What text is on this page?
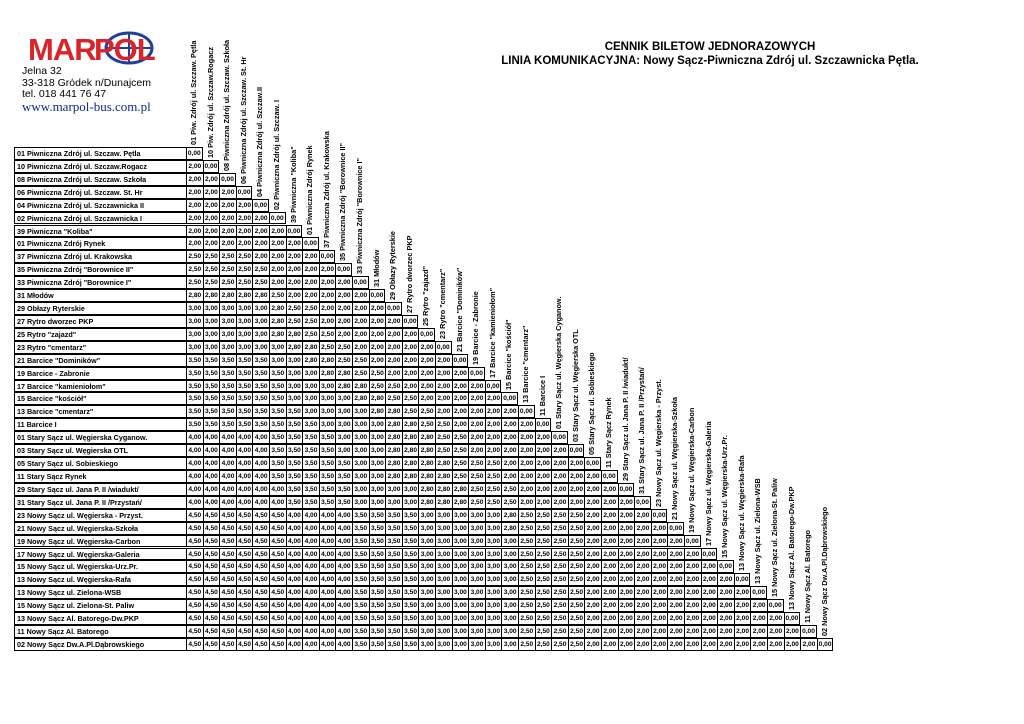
MAR
POL
Jelna 32
33-318 Gródek n/Dunajcem
tel. 018 441 76 47
www.marpol-bus.com.pl
CENNIK BILETOW JEDNORAZOWYCH
LINIA KOMUNIKACYJNA: Nowy Sącz-Piwniczna Zdrój ul. Szczawnicka Pętla.
01 Piwniczna Zdrój ul. Szczaw. Pętla	0,00
01 Piw. Zdrój ul. Szczaw. Pętla
10 Piwniczna Zdrój ul. Szczaw.Rogacz	2,00 0,00
10 Piw. Zdrój ul. Szczaw.Rogacz
08 Piwniczna Zdrój ul. Szczaw. Szkoła	2,00 2,00 0,00
08 Piwniczna Zdrój ul. Szczaw. Szkoła
06 Piwniczna Zdrój ul. Szczaw. St. Hr	2,00 2,00 2,00 0,00
06 Piwniczna Zdrój ul. Szczaw. St. Hr
04 Piwniczna Zdrój ul. Szczawnicka II	2,00 2,00 2,00 2,00 0,00
04 Piwniczna Zdrój ul. Szczaw.II
02 Piwniczna Zdrój ul. Szczawnicka I	2,00 2,00 2,00 2,00 2,00 0,00
02 Piwniczna Zdrój ul. Szczaw. I
39 Piwniczna "Koliba"	2,00 2,00 2,00 2,00 2,00 2,00 0,00
39 Piwniczna "Koliba"
01 Piwniczna Zdrój Rynek	2,00 2,00 2,00 2,00 2,00 2,00 2,00 0,00
01 Piwniczna Zdrój Rynek
37 Piwniczna Zdrój ul. Krakowska	2,50 2,50 2,50 2,50 2,00 2,00 2,00 2,00 0,00
37 Piwniczna Zdrój ul. Krakowska
35 Piwniczna Zdrój "Borownice II"	2,50 2,50 2,50 2,50 2,50 2,00 2,00 2,00 2,00 0,00
35 Piwniczna Zdrój "Borownice II"
33 Piwniczna Zdrój "Borownice I"	2,50 2,50 2,50 2,50 2,50 2,00 2,00 2,00 2,00 2,00 0,00
33 Piwniczna Zdrój "Borownice I"
31 Młodów	2,80 2,80 2,80 2,80 2,80 2,50 2,00 2,00 2,00 2,00 2,00 0,00
31 Młodów
29 Obłazy Ryterskie	3,00 3,00 3,00 3,00 3,00 2,80 2,50 2,50 2,00 2,00 2,00 2,00 0,00
29 Obłazy Ryterskie
27 Rytro dworzec PKP	3,00 3,00 3,00 3,00 3,00 2,80 2,50 2,50 2,00 2,00 2,00 2,00 2,00 0,00
27 Rytro dworzec PKP
25 Rytro "zajazd"	3,00 3,00 3,00 3,00 3,00 2,80 2,80 2,50 2,50 2,00 2,00 2,00 2,00 2,00 0,00
25 Rytro "zajazd"
23 Rytro "cmentarz"	3,00 3,00 3,00 3,00 3,00 3,00 2,80 2,80 2,50 2,50 2,00 2,00 2,00 2,00 2,00 0,00
23 Rytro "cmentarz"
21 Barcice "Dominików"	3,50 3,50 3,50 3,50 3,50 3,00 3,00 2,80 2,80 2,50 2,50 2,00 2,00 2,00 2,00 2,00 0,00
21 Barcice "Dominików"
19 Barcice - Zabronie	3,50 3,50 3,50 3,50 3,50 3,50 3,00 3,00 2,80 2,80 2,50 2,50 2,00 2,00 2,00 2,00 2,00 0,00
19 Barcice - Zabronie
17 Barcice "kamieniołom"	3,50 3,50 3,50 3,50 3,50 3,50 3,00 3,00 3,00 2,80 2,80 2,50 2,50 2,00 2,00 2,00 2,00 2,00 0,00
17 Barcice "kamieniołom"
15 Barcice "kościół"	3,50 3,50 3,50 3,50 3,50 3,50 3,00 3,00 3,00 3,00 2,80 2,80 2,50 2,50 2,00 2,00 2,00 2,00 2,00 0,00
15 Barcice "kościół"
13 Barcice "cmentarz"	3,50 3,50 3,50 3,50 3,50 3,50 3,50 3,00 3,00 3,00 3,00 2,80 2,80 2,50 2,50 2,00 2,00 2,00 2,00 2,00 0,00
13 Barcice "cmentarz"
11 Barcice I	3,50 3,50 3,50 3,50 3,50 3,50 3,50 3,50 3,00 3,00 3,00 3,00 2,80 2,80 2,50 2,50 2,00 2,00 2,00 2,00 2,00 0,00
11 Barcice I
01 Stary Sącz ul. Węgierska Cyganow.	4,00 4,00 4,00 4,00 4,00 3,50 3,50 3,50 3,50 3,00 3,00 3,00 2,80 2,80 2,80 2,50 2,50 2,00 2,00 2,00 2,00 2,00 0,00
01 Stary Sącz ul. Węgierska Cyganow.
03 Stary Sącz ul. Węgierska OTL	4,00 4,00 4,00 4,00 4,00 3,50 3,50 3,50 3,50 3,00 3,00 3,00 2,80 2,80 2,80 2,50 2,50 2,00 2,00 2,00 2,00 2,00 2,00 0,00
03 Stary Sącz ul. Węgierska OTL
05 Stary Sącz ul. Sobieskiego	4,00 4,00 4,00 4,00 4,00 3,50 3,50 3,50 3,50 3,50 3,00 3,00 2,80 2,80 2,80 2,80 2,50 2,50 2,50 2,00 2,00 2,00 2,00 2,00 0,00
05 Stary Sącz ul. Sobieskiego
11 Stary Sącz Rynek	4,00 4,00 4,00 4,00 4,00 3,50 3,50 3,50 3,50 3,50 3,00 3,00 2,80 2,80 2,80 2,80 2,50 2,50 2,50 2,00 2,00 2,00 2,00 2,00 2,00 0,00
11 Stary Sącz Rynek
29 Stary Sącz ul. Jana P. II /wiadukt/	4,00 4,00 4,00 4,00 4,00 4,00 3,50 3,50 3,50 3,50 3,00 3,00 3,00 3,00 2,80 2,80 2,80 2,50 2,50 2,50 2,00 2,00 2,00 2,00 2,00 2,00 0,00
29 Stary Sącz ul. Jana P. II /wiadukt/
31 Stary Sącz ul. Jana P. II /Przystań/	4,00 4,00 4,00 4,00 4,00 4,00 3,50 3,50 3,50 3,50 3,00 3,00 3,00 3,00 2,80 2,80 2,80 2,50 2,50 2,50 2,00 2,00 2,00 2,00 2,00 2,00 2,00 0,00
31 Stary Sącz ul. Jana P. II /Przystań/
23 Nowy Sącz ul. Węgierska - Przyst.	4,50 4,50 4,50 4,50 4,50 4,50 4,00 4,00 4,00 4,00 3,50 3,50 3,50 3,50 3,00 3,00 3,00 3,00 3,00 2,80 2,50 2,50 2,50 2,50 2,00 2,00 2,00 2,00 0,00
23 Nowy Sącz ul. Węgierska - Przyst.
21 Nowy Sącz ul. Węgierska-Szkoła	4,50 4,50 4,50 4,50 4,50 4,50 4,00 4,00 4,00 4,00 3,50 3,50 3,50 3,50 3,00 3,00 3,00 3,00 3,00 2,80 2,50 2,50 2,50 2,50 2,00 2,00 2,00 2,00 2,00 0,00
21 Nowy Sącz ul. Węgierska-Szkoła
19 Nowy Sącz ul. Węgierska-Carbon	4,50 4,50 4,50 4,50 4,50 4,50 4,00 4,00 4,00 4,00 3,50 3,50 3,50 3,50 3,00 3,00 3,00 3,00 3,00 3,00 2,50 2,50 2,50 2,50 2,00 2,00 2,00 2,00 2,00 2,00 0,00
19 Nowy Sącz ul. Węgierska-Carbon
17 Nowy Sącz ul. Węgierska-Galeria	4,50 4,50 4,50 4,50 4,50 4,50 4,00 4,00 4,00 4,00 3,50 3,50 3,50 3,50 3,00 3,00 3,00 3,00 3,00 3,00 2,50 2,50 2,50 2,50 2,00 2,00 2,00 2,00 2,00 2,00 2,00 0,00
17 Nowy Sącz ul. Węgierska-Galeria
15 Nowy Sącz ul. Węgierska-Urz.Pr.	4,50 4,50 4,50 4,50 4,50 4,50 4,00 4,00 4,00 4,00 3,50 3,50 3,50 3,50 3,00 3,00 3,00 3,00 3,00 3,00 2,50 2,50 2,50 2,50 2,00 2,00 2,00 2,00 2,00 2,00 2,00 2,00 0,00
15 Nowy Sącz ul. Węgierska-Urz.Pr.
13 Nowy Sącz ul. Węgierska-Rafa	4,50 4,50 4,50 4,50 4,50 4,50 4,00 4,00 4,00 4,00 3,50 3,50 3,50 3,50 3,00 3,00 3,00 3,00 3,00 3,00 2,50 2,50 2,50 2,50 2,00 2,00 2,00 2,00 2,00 2,00 2,00 2,00 2,00 0,00
13 Nowy Sącz ul. Węgierska-Rafa
13 Nowy Sącz ul. Zielona-WSB	4,50 4,50 4,50 4,50 4,50 4,50 4,00 4,00 4,00 4,00 3,50 3,50 3,50 3,50 3,00 3,00 3,00 3,00 3,00 3,00 2,50 2,50 2,50 2,50 2,00 2,00 2,00 2,00 2,00 2,00 2,00 2,00 2,00 2,00 0,00
13 Nowy Sącz ul. Zielona-WSB
15 Nowy Sącz ul. Zielona-St. Paliw	4,50 4,50 4,50 4,50 4,50 4,50 4,00 4,00 4,00 4,00 3,50 3,50 3,50 3,50 3,00 3,00 3,00 3,00 3,00 3,00 2,50 2,50 2,50 2,50 2,00 2,00 2,00 2,00 2,00 2,00 2,00 2,00 2,00 2,00 2,00 0,00
15 Nowy Sącz ul. Zielona-St. Paliw
13 Nowy Sącz Al. Batorego-Dw.PKP	4,50 4,50 4,50 4,50 4,50 4,50 4,00 4,00 4,00 4,00 3,50 3,50 3,50 3,50 3,00 3,00 3,00 3,00 3,00 3,00 2,50 2,50 2,50 2,50 2,00 2,00 2,00 2,00 2,00 2,00 2,00 2,00 2,00 2,00 2,00 2,00 0,00
13 Nowy Sącz Al. Batorego-Dw.PKP
11 Nowy Sącz Al. Batorego	4,50 4,50 4,50 4,50 4,50 4,50 4,00 4,00 4,00 4,00 3,50 3,50 3,50 3,50 3,00 3,00 3,00 3,00 3,00 3,00 2,50 2,50 2,50 2,50 2,00 2,00 2,00 2,00 2,00 2,00 2,00 2,00 2,00 2,00 2,00 2,00 2,00 0,00
11 Nowy Sącz Al. Batorego
02 Nowy Sącz Dw.A.Pl.Dąbrowskiego	4,50 4,50 4,50 4,50 4,50 4,50 4,00 4,00 4,00 4,00 3,50 3,50 3,50 3,50 3,00 3,00 3,00 3,00 3,00 3,00 2,50 2,50 2,50 2,50 2,00 2,00 2,00 2,00 2,00 2,00 2,00 2,00 2,00 2,00 2,00 2,00 2,00 2,00 0,00
02 Nowy Sącz Dw.A.Pl.Dąbrowskiego
